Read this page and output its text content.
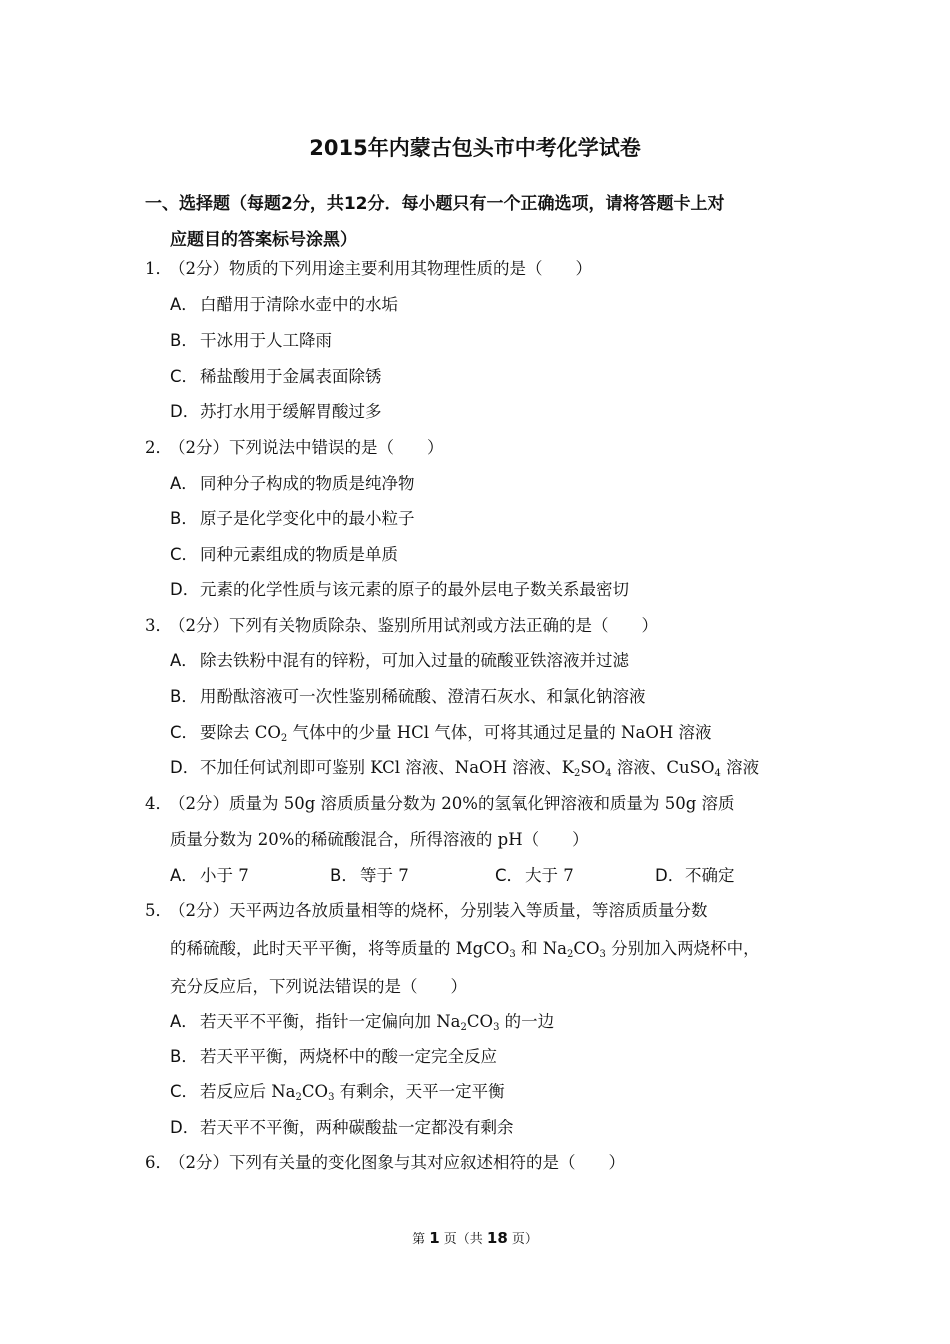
2015年内蒙古包头市中考化学试卷
一、选择题（每题2分，共12分．每小题只有一个正确选项，请将答题卡上对
应题目的答案标号涂黑）
1．（2分）物质的下列用途主要利用其物理性质的是（　　）
A． 白醋用于清除水壶中的水垢
B． 干冰用于人工降雨
C． 稀盐酸用于金属表面除锈
D．苏打水用于缓解胃酸过多
2．（2分）下列说法中错误的是（　　）
A． 同种分子构成的物质是纯净物
B． 原子是化学变化中的最小粒子
C． 同种元素组成的物质是单质
D．元素的化学性质与该元素的原子的最外层电子数关系最密切
3．（2分）下列有关物质除杂、鉴别所用试剂或方法正确的是（　　）
A． 除去铁粉中混有的锌粉，可加入过量的硫酸亚铁溶液并过滤
B． 用酚酞溶液可一次性鉴别稀硫酸、澄清石灰水、和氯化钠溶液
C． 要除去 $CO_2$ 气体中的少量 HCl 气体，可将其通过足量的 NaOH 溶液
D．不加任何试剂即可鉴别 KCl 溶液、NaOH 溶液、$K_2SO_4$ 溶液、CuSO$_4$ 溶液
4．（2分）质量为 50g 溶质质量分数为 20%的氢氧化钾溶液和质量为 50g 溶质
质量分数为 20%的稀硫酸混合，所得溶液的 pH（　　）
A． 小于 7	B． 等于 7	C． 大于 7	D．不确定
5．（2分）天平两边各放质量相等的烧杯，分别装入等质量，等溶质质量分数
的稀硫酸，此时天平平衡，将等质量的 MgCO$_3$ 和 $Na_2CO_3$ 分别加入两烧杯中，
充分反应后，下列说法错误的是（　　）
A． 若天平不平衡，指针一定偏向加 $Na_2CO_3$ 的一边
B． 若天平平衡，两烧杯中的酸一定完全反应
C． 若反应后 $Na_2CO_3$ 有剩余，天平一定平衡
D．若天平不平衡，两种碳酸盐一定都没有剩余
6．（2分）下列有关量的变化图象与其对应叙述相符的是（　　）
第 1 页（共 18 页）
